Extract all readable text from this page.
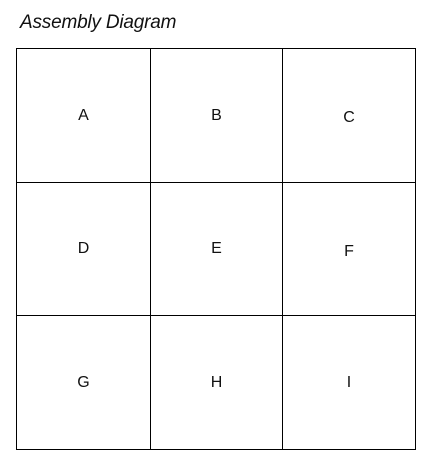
Assembly Diagram
A	B	C
D	E	F
G	H	I
